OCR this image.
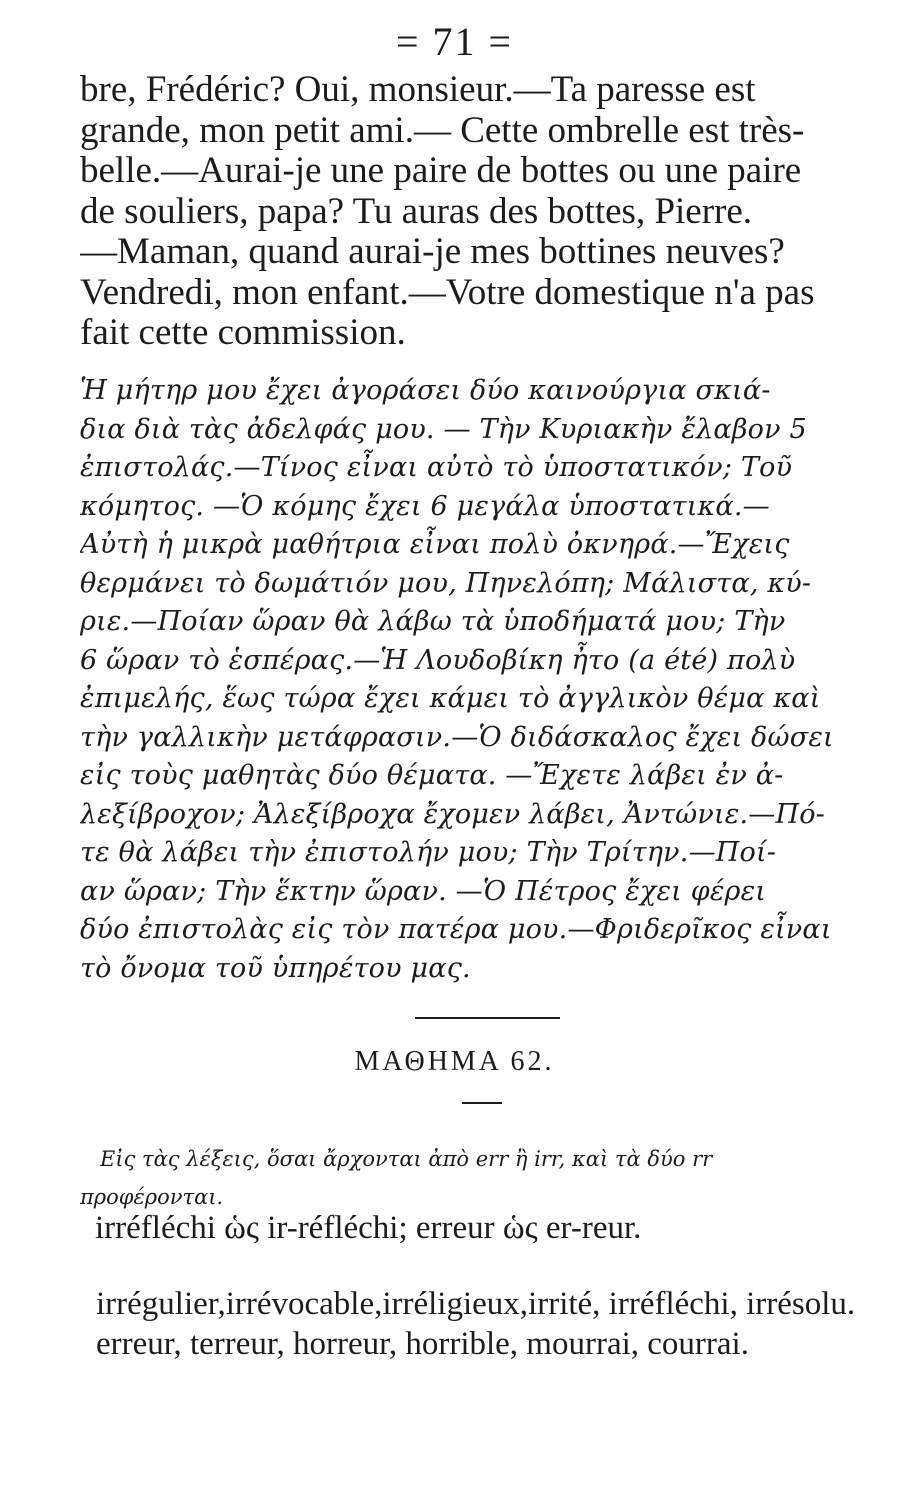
= 71 =
bre, Frédéric? Oui, monsieur.—Ta paresse est
grande, mon petit ami.— Cette ombrelle est très-
belle.—Aurai-je une paire de bottes ou une paire
de souliers, papa? Tu auras des bottes, Pierre.
—Maman, quand aurai-je mes bottines neuves?
Vendredi, mon enfant.—Votre domestique n'a pas
fait cette commission.
Ἡ μήτηρ μου ἔχει ἀγοράσει δύο καινούργια σκιά-
δια διὰ τὰς ἀδελφάς μου. — Τὴν Κυριακὴν ἔλαβον 5
ἐπιστολάς.—Τίνος εἶναι αὐτὸ τὸ ὑποστατικόν; Τοῦ
κόμητος. —Ὁ κόμης ἔχει 6 μεγάλα ὑποστατικά.—
Αὐτὴ ἡ μικρὰ μαθήτρια εἶναι πολὺ ὀκνηρά.—Ἔχεις
θερμάνει τὸ δωμάτιόν μου, Πηνελόπη; Μάλιστα, κύ-
ριε.—Ποίαν ὥραν θὰ λάβω τὰ ὑποδήματά μου; Τὴν
6 ὥραν τὸ ἑσπέρας.—Ἡ Λουδοβίκη ἦτο (a été) πολὺ
ἐπιμελής, ἕως τώρα ἔχει κάμει τὸ ἀγγλικὸν θέμα καὶ
τὴν γαλλικὴν μετάφρασιν.—Ὁ διδάσκαλος ἔχει δώσει
εἰς τοὺς μαθητὰς δύο θέματα. —Ἔχετε λάβει ἐν ἀ-
λεξίβροχον; Ἀλεξίβροχα ἔχομεν λάβει, Ἀντώνιε.—Πό-
τε θὰ λάβει τὴν ἐπιστολήν μου; Τὴν Τρίτην.—Ποί-
αν ὥραν; Τὴν ἕκτην ὥραν. —Ὁ Πέτρος ἔχει φέρει
δύο ἐπιστολὰς εἰς τὸν πατέρα μου.—Φριδερῖκος εἶναι
τὸ ὄνομα τοῦ ὑπηρέτου μας.
ΜΑΘΗΜΑ 62.
Εἰς τὰς λέξεις, ὅσαι ἄρχονται ἀπὸ err ἢ irr, καὶ τὰ δύο rr
προφέρονται.
irréfléchi ὡς ir-réfléchi; erreur ὡς er-reur.
irrégulier,irrévocable,irréligieux,irrité, irréfléchi, irrésolu.
erreur, terreur, horreur, horrible, mourrai, courrai.
